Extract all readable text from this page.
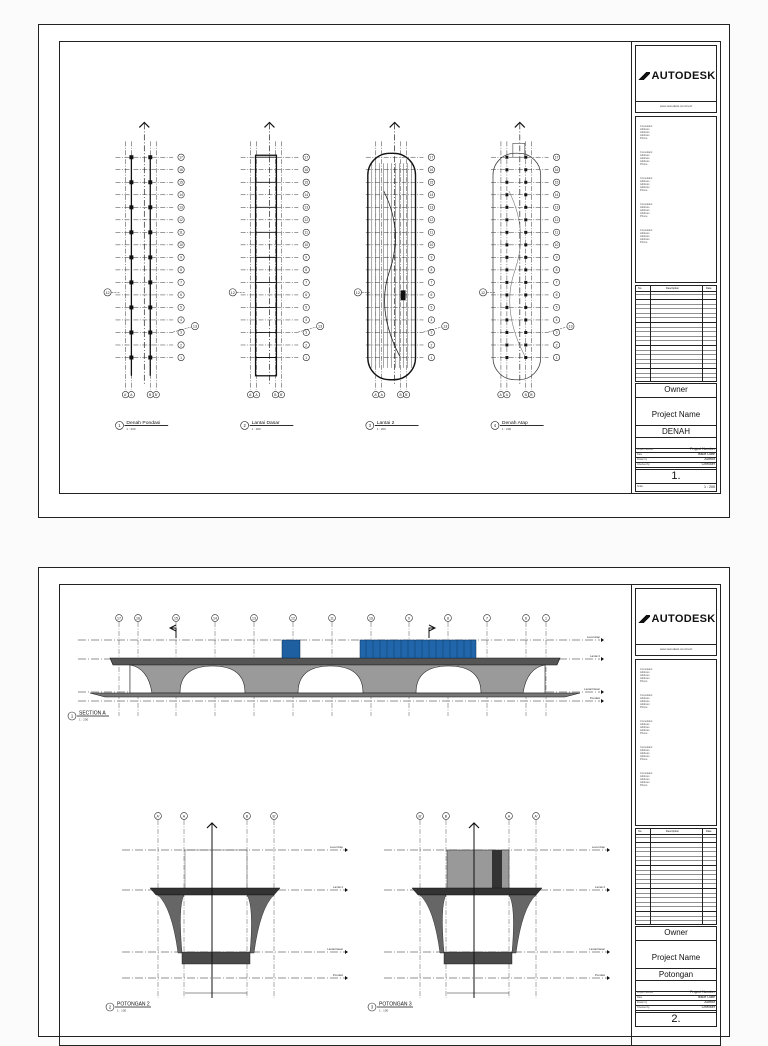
17
16
15
14
13
12
11
10
9
8
7
6
5
4
3
2
1
A' A	B B'
12
13
1 Denah Pondasi
1 : 200
17
16
15
14
13
12
11
10
9
8
7
6
5
4
3
2
1
A' A	B B'
12
13
2 Lantai Dasar
1 : 200
17
16
15
14
13
12
11
10
9
8
7
6
5
4
3
2
1
A' A	B B'
12
13
3 Lantai 2
1 : 200
17
16
15
14
13
12
11
10
9
8
7
6
5
4
3
2
1
A' A	B B'
12
13
4 Denah Atap
1 : 200
AUTODESK
www.autodesk.com/revit
Consultant
Address
Address
Address
Phone
Consultant
Address
Address
Address
Phone
Consultant
Address
Address
Address
Phone
Consultant
Address
Address
Address
Phone
Consultant
Address
Address
Address
Phone
No.	Description	Date
Owner
Project Name
DENAH
Project number	Project Number
Date	Issue Date
Drawn by	Author
Checked by	Checker
1.
Scale	1 : 200
17	16	15	14	13	12	11	10	9	8	7	6	1
Level Atap
Lantai 2
Lantai Dasar
Pondasi
1 SECTION A
1 : 200
A'	A	B	B'
Level Atap
Lantai 2
Lantai Dasar
Pondasi
2 POTONGAN 2
1 : 100
B'	B	A	A'
Level Atap
Lantai 2
Lantai Dasar
Pondasi
3 POTONGAN 3
1 : 100
AUTODESK
www.autodesk.com/revit
Consultant
Address
Address
Address
Phone
Consultant
Address
Address
Address
Phone
Consultant
Address
Address
Address
Phone
Consultant
Address
Address
Address
Phone
Consultant
Address
Address
Address
Phone
No.	Description	Date
Owner
Project Name
Potongan
Project number	Project Number
Date	Issue Date
Drawn by	Author
Checked by	Checker
2.
